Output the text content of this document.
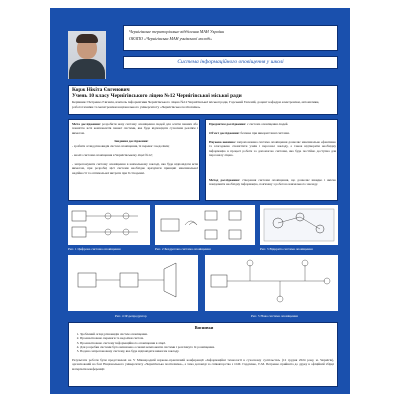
Чернігівське територіальне відділення МАН України
ОКЗПО «Чернігівська МАН учнівської молоді»
Система інформаційного оповіщення у школі
Корж Нікіта Євгенович
Учень 10 класу Чернігівського ліцею №12 Чернігівської міської ради
Керівник: Петренко Євгенія, вчитель інформатики Чернігівського ліцею №12 Чернігівської міської ради, Горський Євгеній, доцент кафедри електроніки, автоматики, робототехніки та мехатроніки національного університету «Чернігівська політехніка»
Мета дослідження: розробити нову систему оповіщення людей для освіти певних або повністю всіх компонентів певної системи, яка буде відповідати сучасним реаліям і вимогам.
Завдання дослідження:
- зробити огляд різновидів систем оповіщення, їх переваг і недоліків;
- аналіз системи оповіщення в Чернігівському ліцеї №12;
- запропонувати систему оповіщення в навчальному закладі, яка буде відповідати всім вимогам, при розробці цієї системи необхідно врахувати принцип максимальної надійності та оптимальної витрати при її створенні.
Предметом дослідження: є система оповіщення людей.
Об'єкт дослідження: безпека при використанні системи.
Наукова новизна: запропонована система оповіщення дозволяє максимально ефективно та злагоджено сповістити учнів і персонал закладу, а також відтворити необхідну інформацію в процесі роботи за допомогою системи, яка буде постійно доступна для персоналу ліцею.
Метод дослідження: створення системи оповіщення, що дозволяє швидко і якісно повідомити необхідну інформацію, пов'язану з роботою навчального закладу.
Рис. 1 Цифрова система оповіщення	Рис. 2 Бездротова система оповіщення	Рис. 3 Відкрита система оповіщення
Рис. 4 IP-репродуктор	Рис. 5 Нова система оповіщення
Висновки
1. Зроблений огляд різновидів систем оповіщення.
2. Проаналізовано переваги та недоліки систем.
3. Проаналізовано систему інформаційного оповіщення в ліцеї.
4. Для розробки системи було визначено основні компоненти системи і розглянуто їх розміщення.
5. Подано запропоновану систему, яка буде відповідати вимогам закладу.
Результати роботи були представлені на V Міжнародній науково-практичній конференції «Інформаційні технології в сучасному суспільстві» (12 грудня 2024 року, м. Чернігів), організованій на базі Національного університету «Чернігівська політехніка», а тема доповіді за співавторства з О.М. Гордієнко, Є.М. Петренко прийнята до друку в офіційній збірці матеріалів конференції.
